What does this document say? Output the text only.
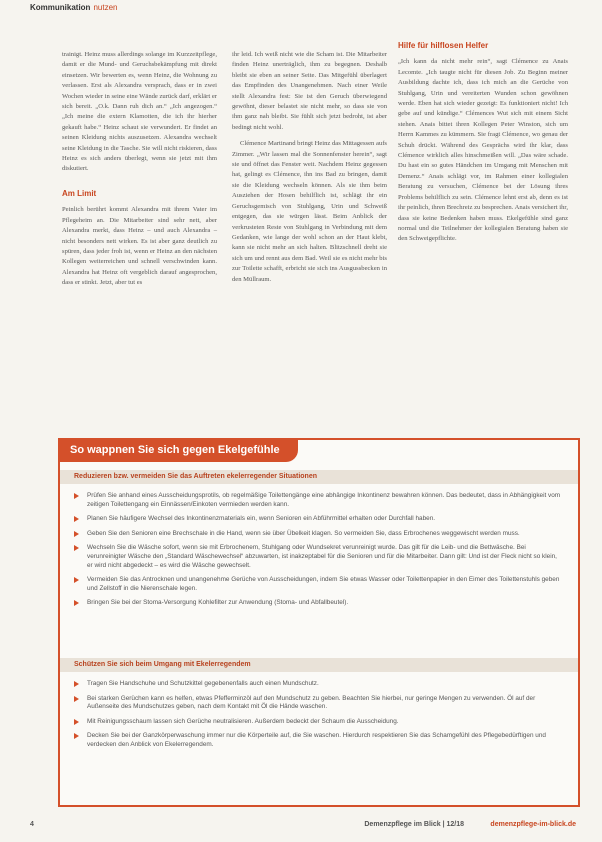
Kommunikation nutzen

trainigt. Heinz muss allerdings solange im Kurzzeitpflege, damit er die Mund- und Geruchsbekämpfung mit direkt einsetzen. Wir bewerten es, wenn Heinz, die Wohnung zu verlassen. Erst als Alexandra versprach, dass er in zwei Wochen wieder in seine eine Wände zurück darf, erklärt er sich bereit. „O.k. Dann ruh dich an.“ „Ich angezogen.“ „Ich meine die extern Klamotten, die ich ihr hierher gekauft habe.“ Heinz schaut sie verwundert. Er findet an seinen Kleidung nichts auszusetzen. Alexandra wechselt seine Kleidung in die Tasche. Sie will nicht riskieren, dass Heinz es sich anders überlegt, wenn sie jetzt mit ihm diskutiert.

Am Limit

Peinlich berührt kommt Alexandra mit ihrem Vater im Pflegeheim an. Die Mitarbeiter sind sehr nett, aber Alexandra merkt, dass Heinz – und auch Alexandra – nicht besonders nett wirken. Es ist aber ganz deutlich zu spüren, dass jeder froh ist, wenn er Heinz an den nächsten Kollegen weiterreichen und schnell verschwinden kann. Alexandra hat Heinz oft vergeblich darauf angesprochen, dass er stinkt. Jetzt, aber tut es

ihr leid. Ich weiß nicht wie die Scham ist. Die Mitarbeiter finden Heinz unerträglich, ihm zu begegnen. Deshalb bleibt sie eben an seiner Seite. Das Mitgefühl überlagert das Empfinden des Unangenehmen. Nach einer Weile stellt Alexandra fest: Sie ist den Geruch überwiegend gewöhnt, dieser belastet sie nicht mehr, so dass sie von ihm ganz nah bleibt. Sie fühlt sich jetzt bedroht, ist aber bedingt nicht wohl.

Clémence Martinand bringt Heinz das Mittagessen aufs Zimmer. „Wir lassen mal die Sonnenfenster herein“, sagt sie und öffnet das Fenster weit. Nachdem Heinz gegessen hat, gelingt es Clémence, ihn ins Bad zu bringen, damit sie die Kleidung wechseln können. Als sie ihm beim Ausziehen der Hosen behilflich ist, schlägt ihr ein Geruchsgemisch von Stuhlgang, Urin und Schweiß entgegen, das sie würgen lässt. Beim Anblick der verkrusteten Reste von Stuhlgang in Verbindung mit dem Gedanken, wie lange der wohl schon an der Haut klebt, kann sie nicht mehr an sich halten. Blitzschnell dreht sie sich um und rennt aus dem Bad. Weil sie es nicht mehr bis zur Toilette schafft, erbricht sie sich ins Ausgussbecken in den Müllraum.

Hilfe für hilflosen Helfer

„Ich kann da nicht mehr rein“, sagt Clémence zu Anais Lecomte. „Ich taugte nicht für diesen Job. Zu Beginn meiner Ausbildung dachte ich, dass ich mich an die Gerüche von Stuhlgang, Urin und vereiterten Wunden schon gewöhnen werde. Eben hat sich wieder gezeigt: Es funktioniert nicht! Ich gebe auf und kündige.“ Clémences Wut sich mit einem Sicht stehen. Anais bittet ihren Kollegen Peter Winston, sich um Herrn Kammes zu kümmern. Sie fragt Clémence, wo genau der Schuh drückt. Während des Gesprächs wird ihr klar, dass Clémence wirklich alles hinschmeißen will. „Das wäre schade. Du hast ein so gutes Händchen im Umgang mit Menschen mit Demenz.“ Anais schlägt vor, im Rahmen einer kollegialen Beratung zu versuchen, Clémence bei der Lösung ihres Problems behilflich zu sein. Clémence lehnt erst ab, denn es ist ihr peinlich, ihren Brechreiz zu besprechen. Anais versichert ihr, dass sie keine Bedenken haben muss. Ekelgefühle sind ganz normal und die Teilnehmer der kollegialen Beratung haben sie den Schweigepflichte.

So wappnen Sie sich gegen Ekelgefühle
Reduzieren bzw. vermeiden Sie das Auftreten ekelerregender Situationen
Prüfen Sie anhand eines Ausscheidungsprotils, ob regelmäßige Toilettengänge eine abhängige Inkontinenz bewahren können. Das bedeutet, dass in Abhängigkeit vom zeitigen Toilettengang ein Einnässen/Einkoten vermieden werden kann.
Planen Sie häufigere Wechsel des Inkontinenzmaterials ein, wenn Senioren ein Abführmittel erhalten oder Durchfall haben.
Geben Sie den Senioren eine Brechschale in die Hand, wenn sie über Übelkeit klagen. So vermeiden Sie, dass Erbrochenes weggewischt werden muss.
Wechseln Sie die Wäsche sofort, wenn sie mit Erbrochenem, Stuhlgang oder Wundsekret verunreinigt wurde. Das gilt für die Leib- und die Bettwäsche. Bei verunreinigter Wäsche den „Standard Wäschewechsel“ abzuwarten, ist inakzeptabel für die Senioren und für die Mitarbeiter. Dann gilt: Und ist der Fleck nicht so klein, er wird nicht abgedeckt – es wird die Wäsche gewechselt.
Vermeiden Sie das Antrocknen und unangenehme Gerüche von Ausscheidungen, indem Sie etwas Wasser oder Toilettenpapier in den Eimer des Toilettenstuhls geben und Zellstoff in die Nierenschale legen.
Bringen Sie bei der Stoma-Versorgung Kohlefilter zur Anwendung (Stoma- und Abfallbeutel).
Schützen Sie sich beim Umgang mit Ekelerregendem
Tragen Sie Handschuhe und Schutzkittel gegebenenfalls auch einen Mundschutz.
Bei starken Gerüchen kann es helfen, etwas Pfefferminzöl auf den Mundschutz zu geben. Beachten Sie hierbei, nur geringe Mengen zu verwenden. Öl auf der Außenseite des Mundschutzes geben, nach dem Kontakt mit Öl die Hände waschen.
Mit Reinigungsschaum lassen sich Gerüche neutralisieren. Außerdem bedeckt der Schaum die Ausscheidung.
Decken Sie bei der Ganzkörperwaschung immer nur die Körperteile auf, die Sie waschen. Hierdurch respektieren Sie das Schamgefühl des Pflegebedürftigen und verdecken den Anblick von Ekelerregendem.
4	Demenzpflege im Blick | 12/18	demenzpflege-im-blick.de
